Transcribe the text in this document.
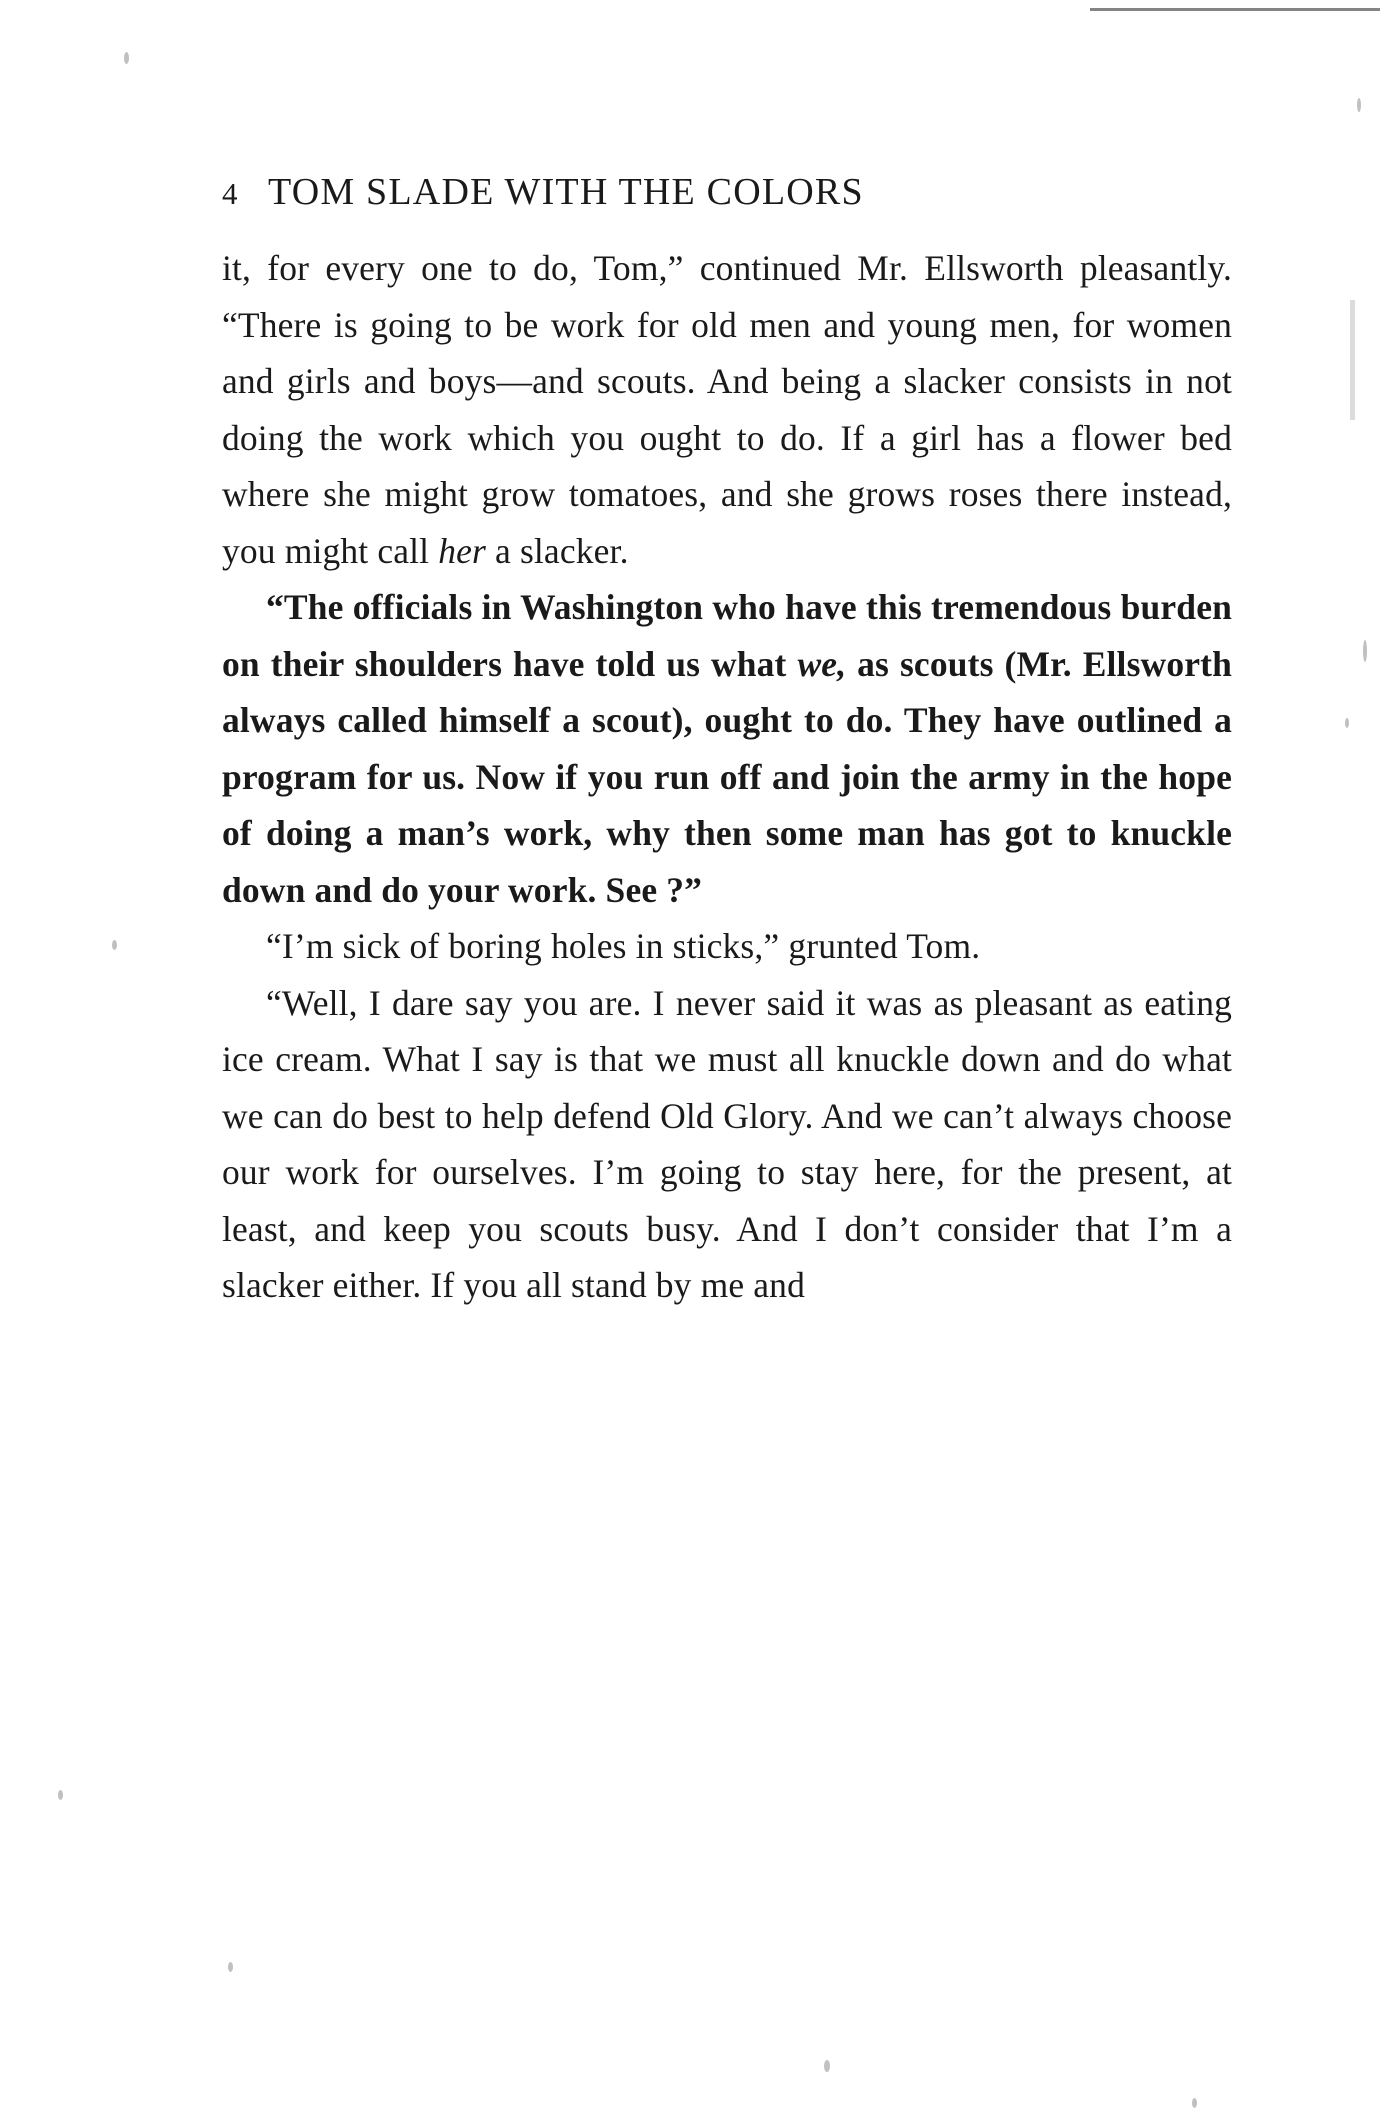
4 TOM SLADE WITH THE COLORS

it, for every one to do, Tom,” continued Mr. Ellsworth pleasantly. “There is going to be work for old men and young men, for women and girls and boys—and scouts. And being a slacker consists in not doing the work which you ought to do. If a girl has a flower bed where she might grow tomatoes, and she grows roses there instead, you might call her a slacker.

“The officials in Washington who have this tremendous burden on their shoulders have told us what we, as scouts (Mr. Ellsworth always called himself a scout), ought to do. They have outlined a program for us. Now if you run off and join the army in the hope of doing a man’s work, why then some man has got to knuckle down and do your work. See ?”

“I’m sick of boring holes in sticks,” grunted Tom.

“Well, I dare say you are. I never said it was as pleasant as eating ice cream. What I say is that we must all knuckle down and do what we can do best to help defend Old Glory. And we can’t always choose our work for ourselves. I’m going to stay here, for the present, at least, and keep you scouts busy. And I don’t consider that I’m a slacker either. If you all stand by me and
